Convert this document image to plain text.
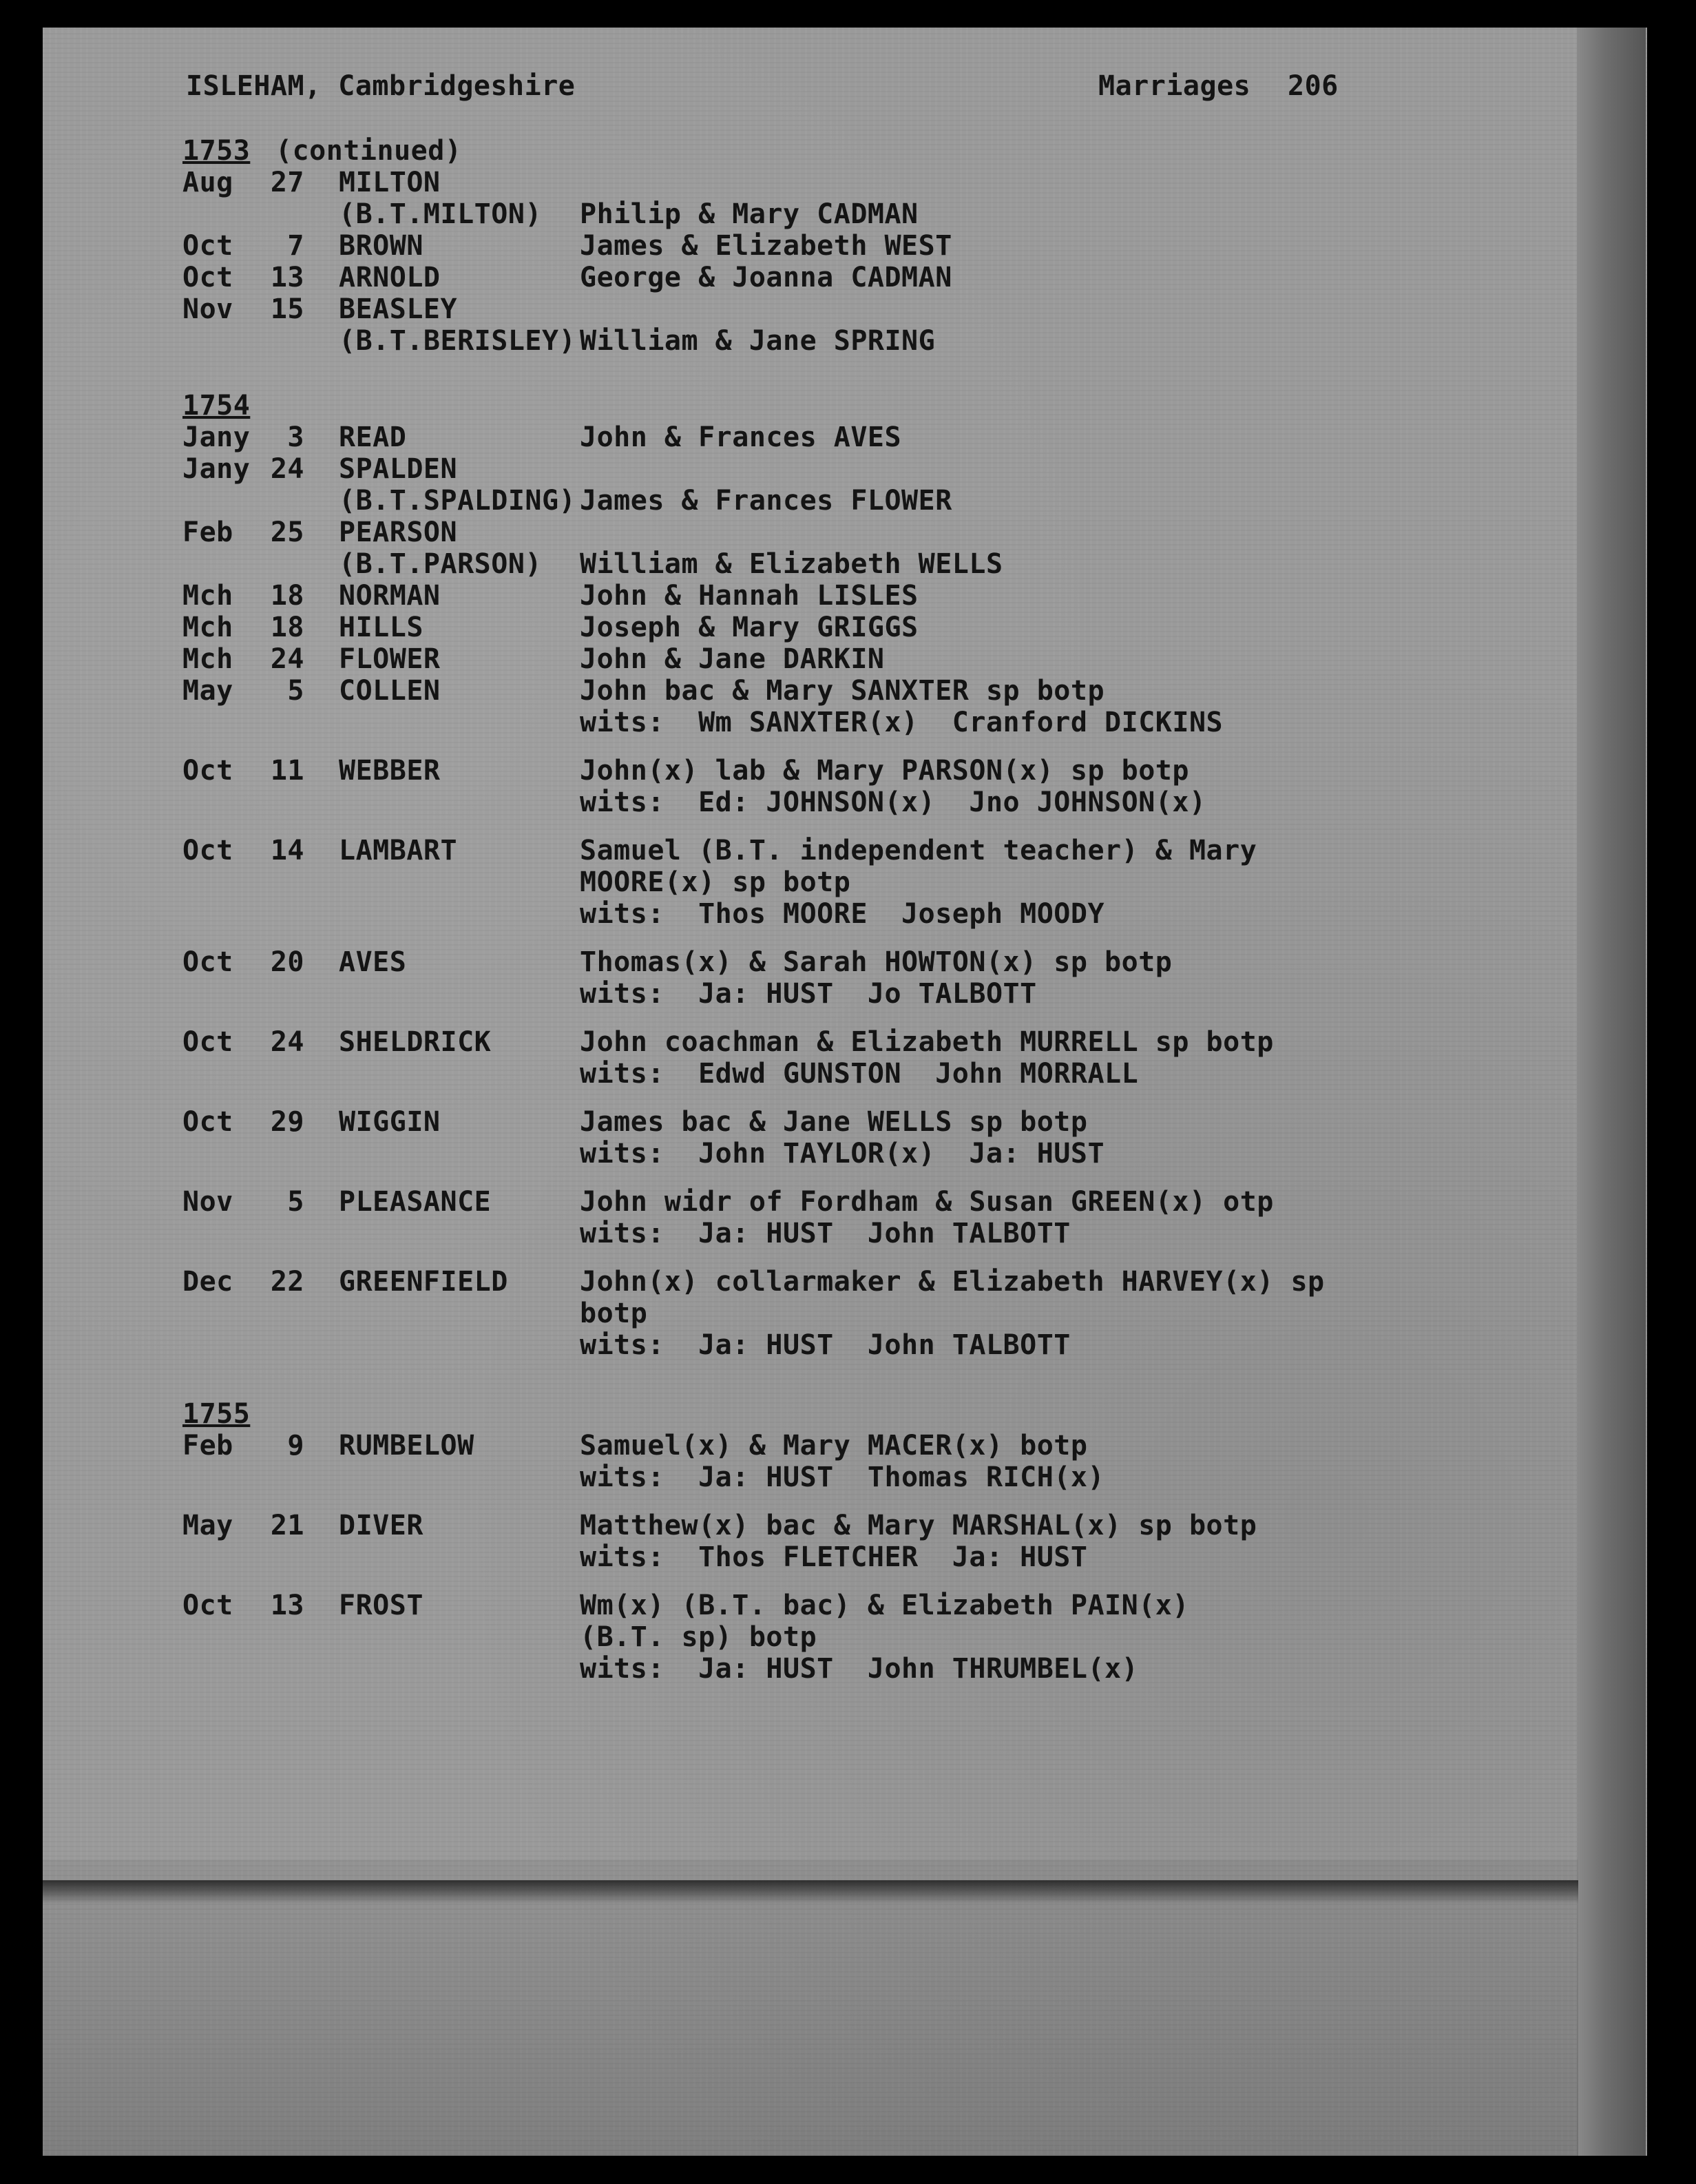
ISLEHAM, Cambridgeshire	Marriages 206
1753 (continued)
Aug 27 MILTON
(B.T.MILTON) Philip & Mary CADMAN
Oct 7 BROWN	James & Elizabeth WEST
Oct 13 ARNOLD	George & Joanna CADMAN
Nov 15 BEASLEY
(B.T.BERISLEY) William & Jane SPRING
1754
Jany 3 READ	John & Frances AVES
Jany 24 SPALDEN
(B.T.SPALDING) James & Frances FLOWER
Feb 25 PEARSON
(B.T.PARSON) William & Elizabeth WELLS
Mch 18 NORMAN	John & Hannah LISLES
Mch 18 HILLS	Joseph & Mary GRIGGS
Mch 24 FLOWER	John & Jane DARKIN
May 5 COLLEN	John bac & Mary SANXTER sp botp
wits:  Wm SANXTER(x)  Cranford DICKINS
Oct 11 WEBBER	John(x) lab & Mary PARSON(x) sp botp
wits:  Ed: JOHNSON(x)  Jno JOHNSON(x)
Oct 14 LAMBART	Samuel (B.T. independent teacher) & Mary
MOORE(x) sp botp
wits:  Thos MOORE  Joseph MOODY
Oct 20 AVES	Thomas(x) & Sarah HOWTON(x) sp botp
wits:  Ja: HUST  Jo TALBOTT
Oct 24 SHELDRICK	John coachman & Elizabeth MURRELL sp botp
wits:  Edwd GUNSTON  John MORRALL
Oct 29 WIGGIN	James bac & Jane WELLS sp botp
wits:  John TAYLOR(x)  Ja: HUST
Nov 5 PLEASANCE	John widr of Fordham & Susan GREEN(x) otp
wits:  Ja: HUST  John TALBOTT
Dec 22 GREENFIELD	John(x) collarmaker & Elizabeth HARVEY(x) sp
botp
wits:  Ja: HUST  John TALBOTT
1755
Feb 9 RUMBELOW	Samuel(x) & Mary MACER(x) botp
wits:  Ja: HUST  Thomas RICH(x)
May 21 DIVER	Matthew(x) bac & Mary MARSHAL(x) sp botp
wits:  Thos FLETCHER  Ja: HUST
Oct 13 FROST	Wm(x) (B.T. bac) & Elizabeth PAIN(x)
(B.T. sp) botp
wits:  Ja: HUST  John THRUMBEL(x)
